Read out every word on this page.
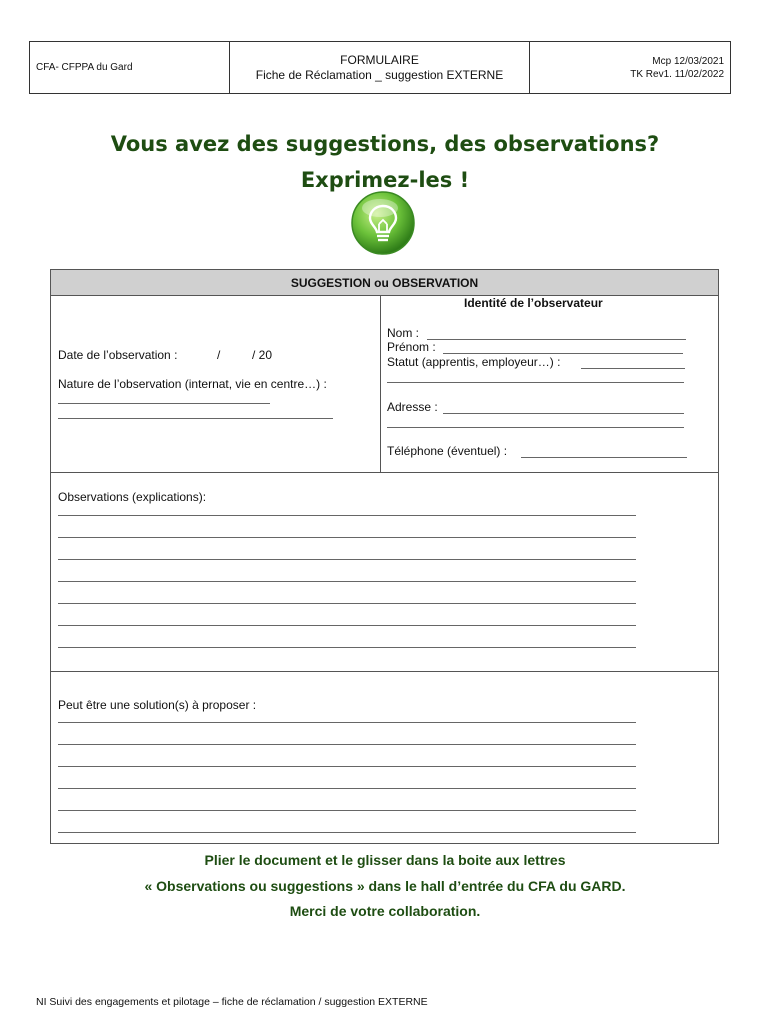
CFA- CFPPA du Gard
FORMULAIRE
Fiche de Réclamation _ suggestion EXTERNE
Mcp 12/03/2021
TK Rev1. 11/02/2022
Vous avez des suggestions, des observations?
Exprimez-les !
SUGGESTION ou OBSERVATION
Date de l’observation :	/	/ 20
Nature de l’observation (internat, vie en centre…) :
Identité de l’observateur
Nom :
Prénom :
Statut (apprentis, employeur…) :
Adresse :
Téléphone (éventuel) :
Observations (explications):
Peut être une solution(s) à proposer :
Plier le document et le glisser dans la boite aux lettres
« Observations ou suggestions » dans le hall d’entrée du CFA du GARD.
Merci de votre collaboration.
NI Suivi des engagements et pilotage – fiche de réclamation / suggestion EXTERNE
